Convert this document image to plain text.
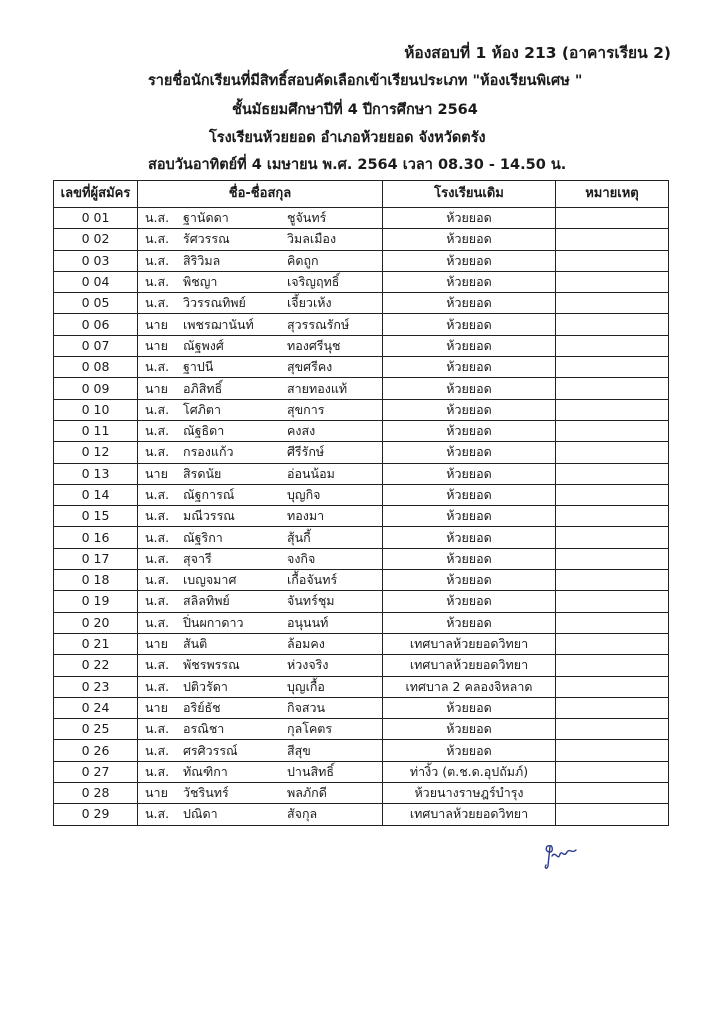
ห้องสอบที่ 1 ห้อง 213 (อาคารเรียน 2)
รายชื่อนักเรียนที่มีสิทธิ์สอบคัดเลือกเข้าเรียนประเภท "ห้องเรียนพิเศษ "
ชั้นมัธยมศึกษาปีที่ 4 ปีการศึกษา 2564
โรงเรียนห้วยยอด อำเภอห้วยยอด จังหวัดตรัง
สอบวันอาทิตย์ที่ 4 เมษายน พ.ศ. 2564 เวลา 08.30 - 14.50 น.
เลขที่ผู้สมัคร	ชื่อ-ชื่อสกุล	โรงเรียนเดิม	หมายเหตุ
0 01	น.ส. ฐานัดดา ชูจันทร์	ห้วยยอด	
0 02	น.ส. รัศวรรณ วิมลเมือง	ห้วยยอด	
0 03	น.ส. สิริวิมล คิดถูก	ห้วยยอด	
0 04	น.ส. พิชญา เจริญฤทธิ์	ห้วยยอด	
0 05	น.ส. วิวรรณทิพย์ เจี้ยวเห้ง	ห้วยยอด	
0 06	นาย เพชรฌานันท์ สุวรรณรักษ์	ห้วยยอด	
0 07	นาย ณัฐพงศ์ ทองศรีนุช	ห้วยยอด	
0 08	น.ส. ฐาปนี สุขศรีคง	ห้วยยอด	
0 09	นาย อภิสิทธิ์ สายทองแท้	ห้วยยอด	
0 10	น.ส. โศภิตา สุขการ	ห้วยยอด	
0 11	น.ส. ณัฐธิดา คงสง	ห้วยยอด	
0 12	น.ส. กรองแก้ว ศีรีรักษ์	ห้วยยอด	
0 13	นาย สิรดนัย อ่อนน้อม	ห้วยยอด	
0 14	น.ส. ณัฐการณ์ บุญกิจ	ห้วยยอด	
0 15	น.ส. มณีวรรณ ทองมา	ห้วยยอด	
0 16	น.ส. ณัฐริกา สุ้นกี้	ห้วยยอด	
0 17	น.ส. สุจารี จงกิจ	ห้วยยอด	
0 18	น.ส. เบญจมาศ เกื้อจันทร์	ห้วยยอด	
0 19	น.ส. สลิลทิพย์ จันทร์ชุม	ห้วยยอด	
0 20	น.ส. ปิ่นผกาดาว อนุนนท์	ห้วยยอด	
0 21	นาย สันติ ล้อมคง	เทศบาลห้วยยอดวิทยา	
0 22	น.ส. พัชรพรรณ ห่วงจริง	เทศบาลห้วยยอดวิทยา	
0 23	น.ส. ปติวรัดา บุญเกื้อ	เทศบาล 2 คลองจิหลาด	
0 24	นาย อริย์ธัช กิจสวน	ห้วยยอด	
0 25	น.ส. อรณิชา กุลโคตร	ห้วยยอด	
0 26	น.ส. ศรศิวรรณ์ สีสุข	ห้วยยอด	
0 27	น.ส. ทัณฑิกา ปานสิทธิ์	ท่างิ้ว (ต.ช.ด.อุปถัมภ์)	
0 28	นาย วัชรินทร์ พลภักดี	ห้วยนางราษฎร์บำรุง	
0 29	น.ส. ปณิดา สัจกุล	เทศบาลห้วยยอดวิทยา	
